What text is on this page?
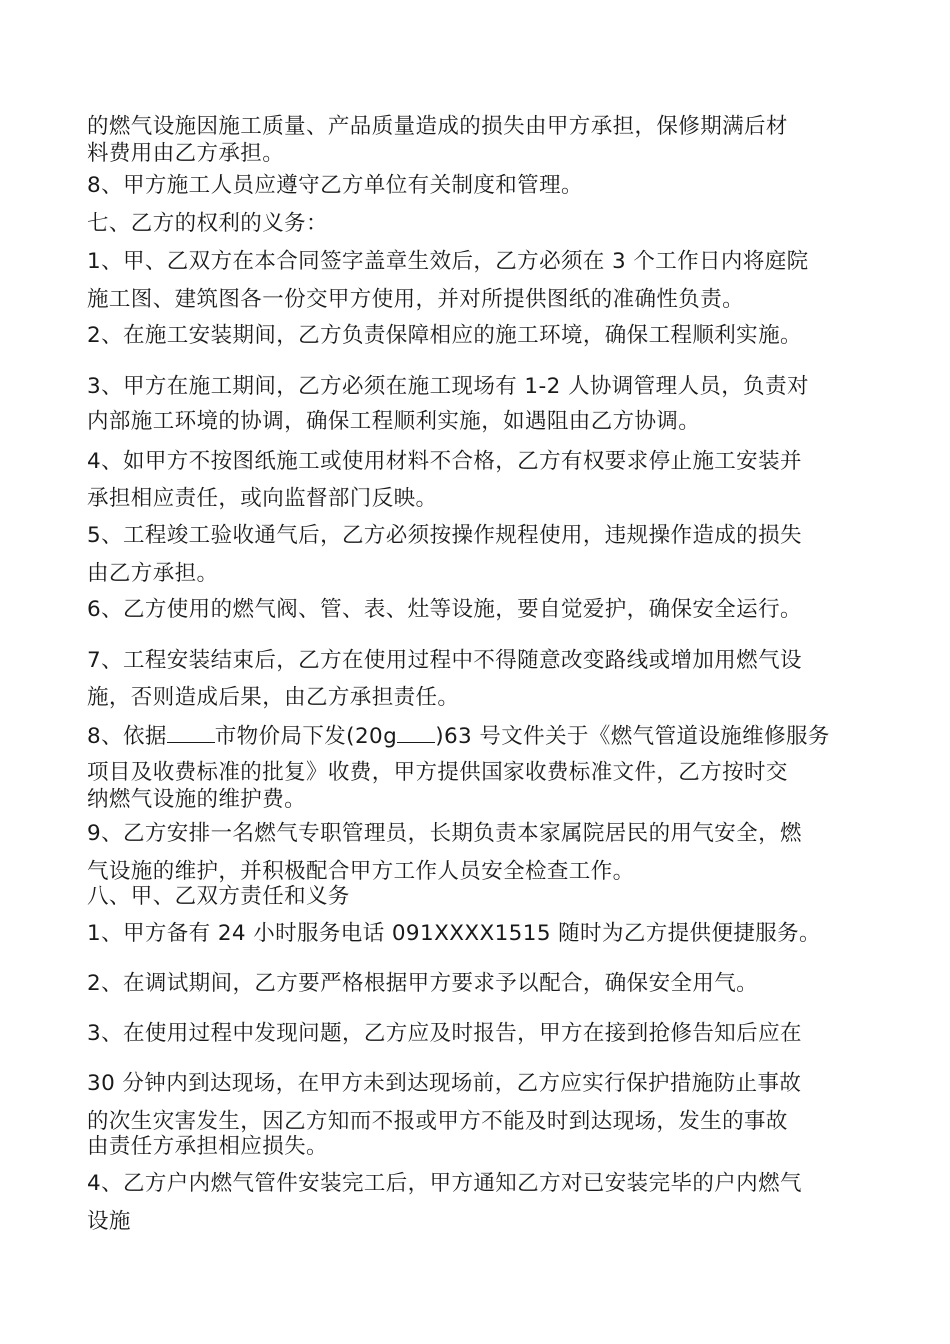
的燃气设施因施工质量、产品质量造成的损失由甲方承担，保修期满后材
料费用由乙方承担。
8、甲方施工人员应遵守乙方单位有关制度和管理。
七、乙方的权利的义务：
1、甲、乙双方在本合同签字盖章生效后，乙方必须在 3 个工作日内将庭院
施工图、建筑图各一份交甲方使用，并对所提供图纸的准确性负责。
2、在施工安装期间，乙方负责保障相应的施工环境，确保工程顺利实施。
3、甲方在施工期间，乙方必须在施工现场有 1-2 人协调管理人员，负责对
内部施工环境的协调，确保工程顺利实施，如遇阻由乙方协调。
4、如甲方不按图纸施工或使用材料不合格，乙方有权要求停止施工安装并
承担相应责任，或向监督部门反映。
5、工程竣工验收通气后，乙方必须按操作规程使用，违规操作造成的损失
由乙方承担。
6、乙方使用的燃气阀、管、表、灶等设施，要自觉爱护，确保安全运行。
7、工程安装结束后，乙方在使用过程中不得随意改变路线或增加用燃气设
施，否则造成后果，由乙方承担责任。
8、依据 市物价局下发(20g )63 号文件关于《燃气管道设施维修服务
项目及收费标准的批复》收费，甲方提供国家收费标准文件，乙方按时交
纳燃气设施的维护费。
9、乙方安排一名燃气专职管理员，长期负责本家属院居民的用气安全，燃
气设施的维护，并积极配合甲方工作人员安全检查工作。
八、甲、乙双方责任和义务
1、甲方备有 24 小时服务电话 091XXXX1515 随时为乙方提供便捷服务。
2、在调试期间，乙方要严格根据甲方要求予以配合，确保安全用气。
3、在使用过程中发现问题，乙方应及时报告，甲方在接到抢修告知后应在
30 分钟内到达现场，在甲方未到达现场前，乙方应实行保护措施防止事故
的次生灾害发生，因乙方知而不报或甲方不能及时到达现场，发生的事故
由责任方承担相应损失。
4、乙方户内燃气管件安装完工后，甲方通知乙方对已安装完毕的户内燃气
设施
